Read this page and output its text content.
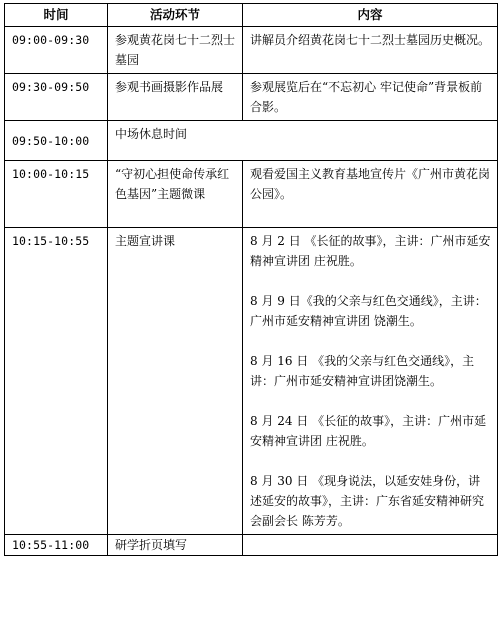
时间	活动环节	内容
09:00-09:30	参观黄花岗七十二烈士墓园	讲解员介绍黄花岗七十二烈士墓园历史概况。
09:30-09:50	参观书画摄影作品展	参观展览后在“不忘初心 牢记使命”背景板前合影。
09:50-10:00	中场休息时间	
10:00-10:15	“守初心担使命传承红色基因”主题微课	观看爱国主义教育基地宣传片《广州市黄花岗公园》。
10:15-10:55	主题宣讲课	8 月 2 日 《长征的故事》，主讲：广州市延安精神宣讲团 庄祝胜。
8 月 9 日《我的父亲与红色交通线》，主讲：广州市延安精神宣讲团 饶潮生。
8 月 16 日 《我的父亲与红色交通线》，主讲：广州市延安精神宣讲团饶潮生。
8 月 24 日 《长征的故事》，主讲：广州市延安精神宣讲团 庄祝胜。
8 月 30 日 《现身说法，以延安娃身份，讲述延安的故事》，主讲：广东省延安精神研究会副会长 陈芳芳。

10:55-11:00	研学折页填写	
